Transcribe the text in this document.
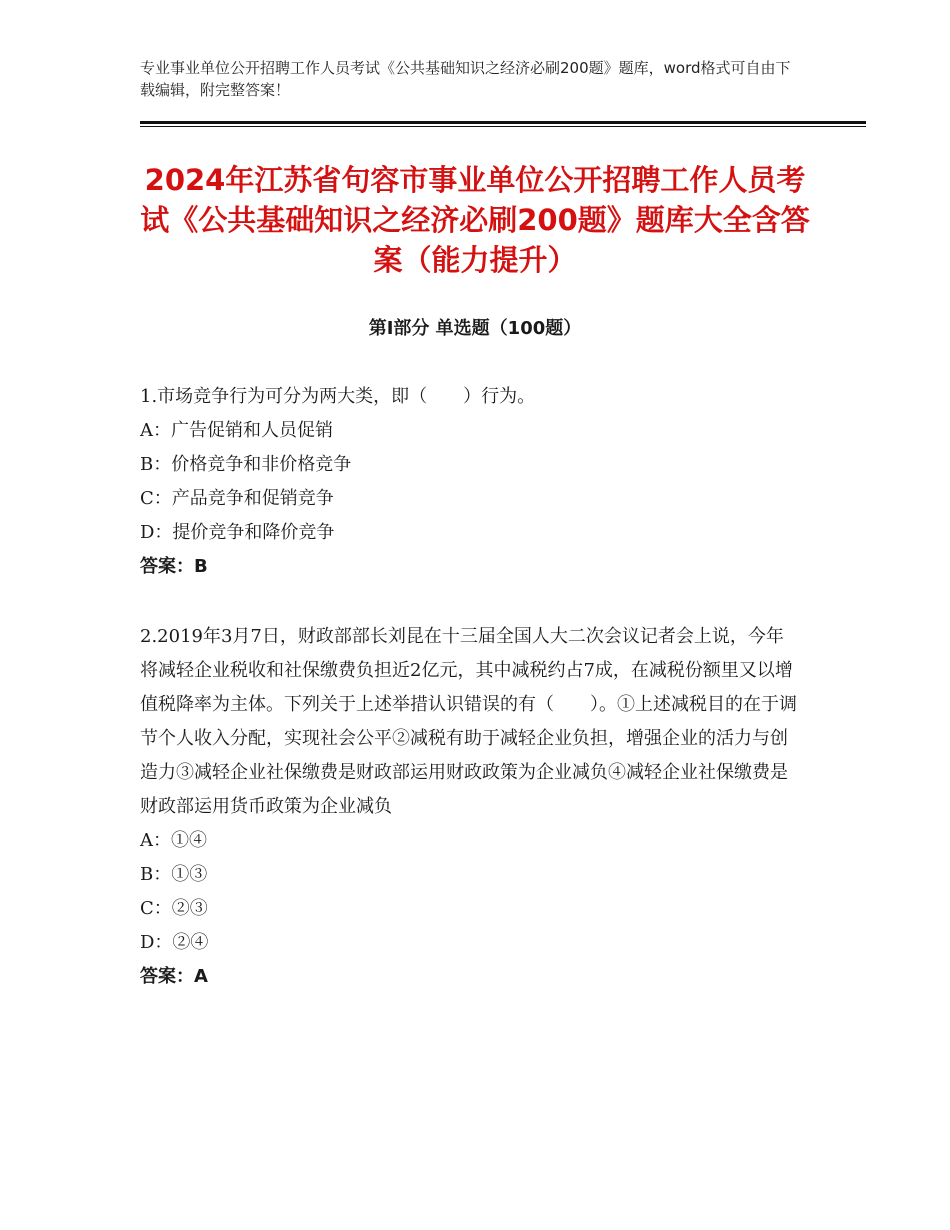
专业事业单位公开招聘工作人员考试《公共基础知识之经济必刷200题》题库，word格式可自由下载编辑，附完整答案！
2024年江苏省句容市事业单位公开招聘工作人员考试《公共基础知识之经济必刷200题》题库大全含答案（能力提升）
第Ⅰ部分 单选题（100题）
1.市场竞争行为可分为两大类，即（　　）行为。
A：广告促销和人员促销
B：价格竞争和非价格竞争
C：产品竞争和促销竞争
D：提价竞争和降价竞争
答案：B
2.2019年3月7日，财政部部长刘昆在十三届全国人大二次会议记者会上说，今年将减轻企业税收和社保缴费负担近2亿元，其中减税约占7成，在减税份额里又以增值税降率为主体。下列关于上述举措认识错误的有（　　）。①上述减税目的在于调节个人收入分配，实现社会公平②减税有助于减轻企业负担，增强企业的活力与创造力③减轻企业社保缴费是财政部运用财政政策为企业减负④减轻企业社保缴费是财政部运用货币政策为企业减负
A：①④
B：①③
C：②③
D：②④
答案：A
